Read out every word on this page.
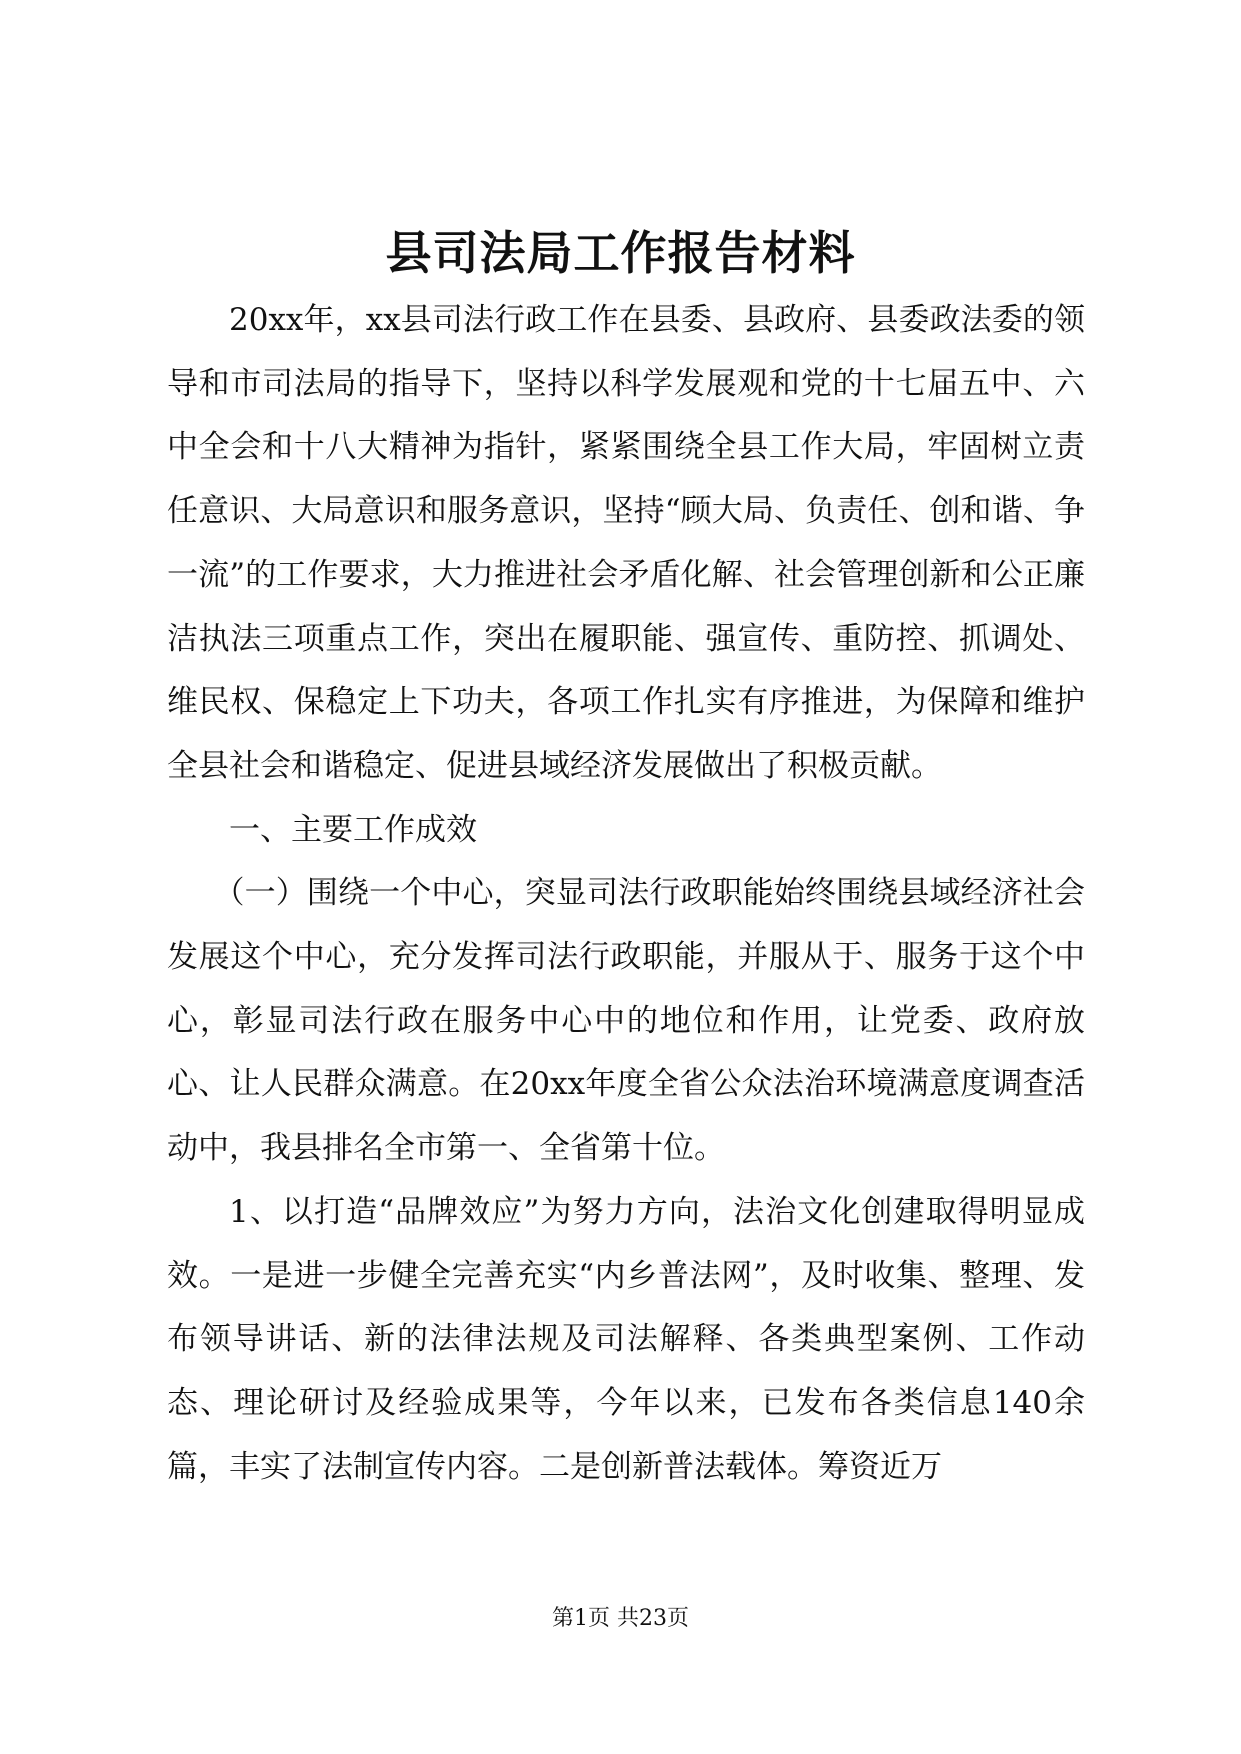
县司法局工作报告材料

20xx年，xx县司法行政工作在县委、县政府、县委政法委的领导和市司法局的指导下，坚持以科学发展观和党的十七届五中、六中全会和十八大精神为指针，紧紧围绕全县工作大局，牢固树立责任意识、大局意识和服务意识，坚持“顾大局、负责任、创和谐、争一流”的工作要求，大力推进社会矛盾化解、社会管理创新和公正廉洁执法三项重点工作，突出在履职能、强宣传、重防控、抓调处、维民权、保稳定上下功夫，各项工作扎实有序推进，为保障和维护全县社会和谐稳定、促进县域经济发展做出了积极贡献。

一、主要工作成效

（一）围绕一个中心，突显司法行政职能始终围绕县域经济社会发展这个中心，充分发挥司法行政职能，并服从于、服务于这个中心，彰显司法行政在服务中心中的地位和作用，让党委、政府放心、让人民群众满意。在20xx年度全省公众法治环境满意度调查活动中，我县排名全市第一、全省第十位。

1、以打造“品牌效应”为努力方向，法治文化创建取得明显成效。一是进一步健全完善充实“内乡普法网”，及时收集、整理、发布领导讲话、新的法律法规及司法解释、各类典型案例、工作动态、理论研讨及经验成果等，今年以来，已发布各类信息140余篇，丰实了法制宣传内容。二是创新普法载体。筹资近万

第1页 共23页
